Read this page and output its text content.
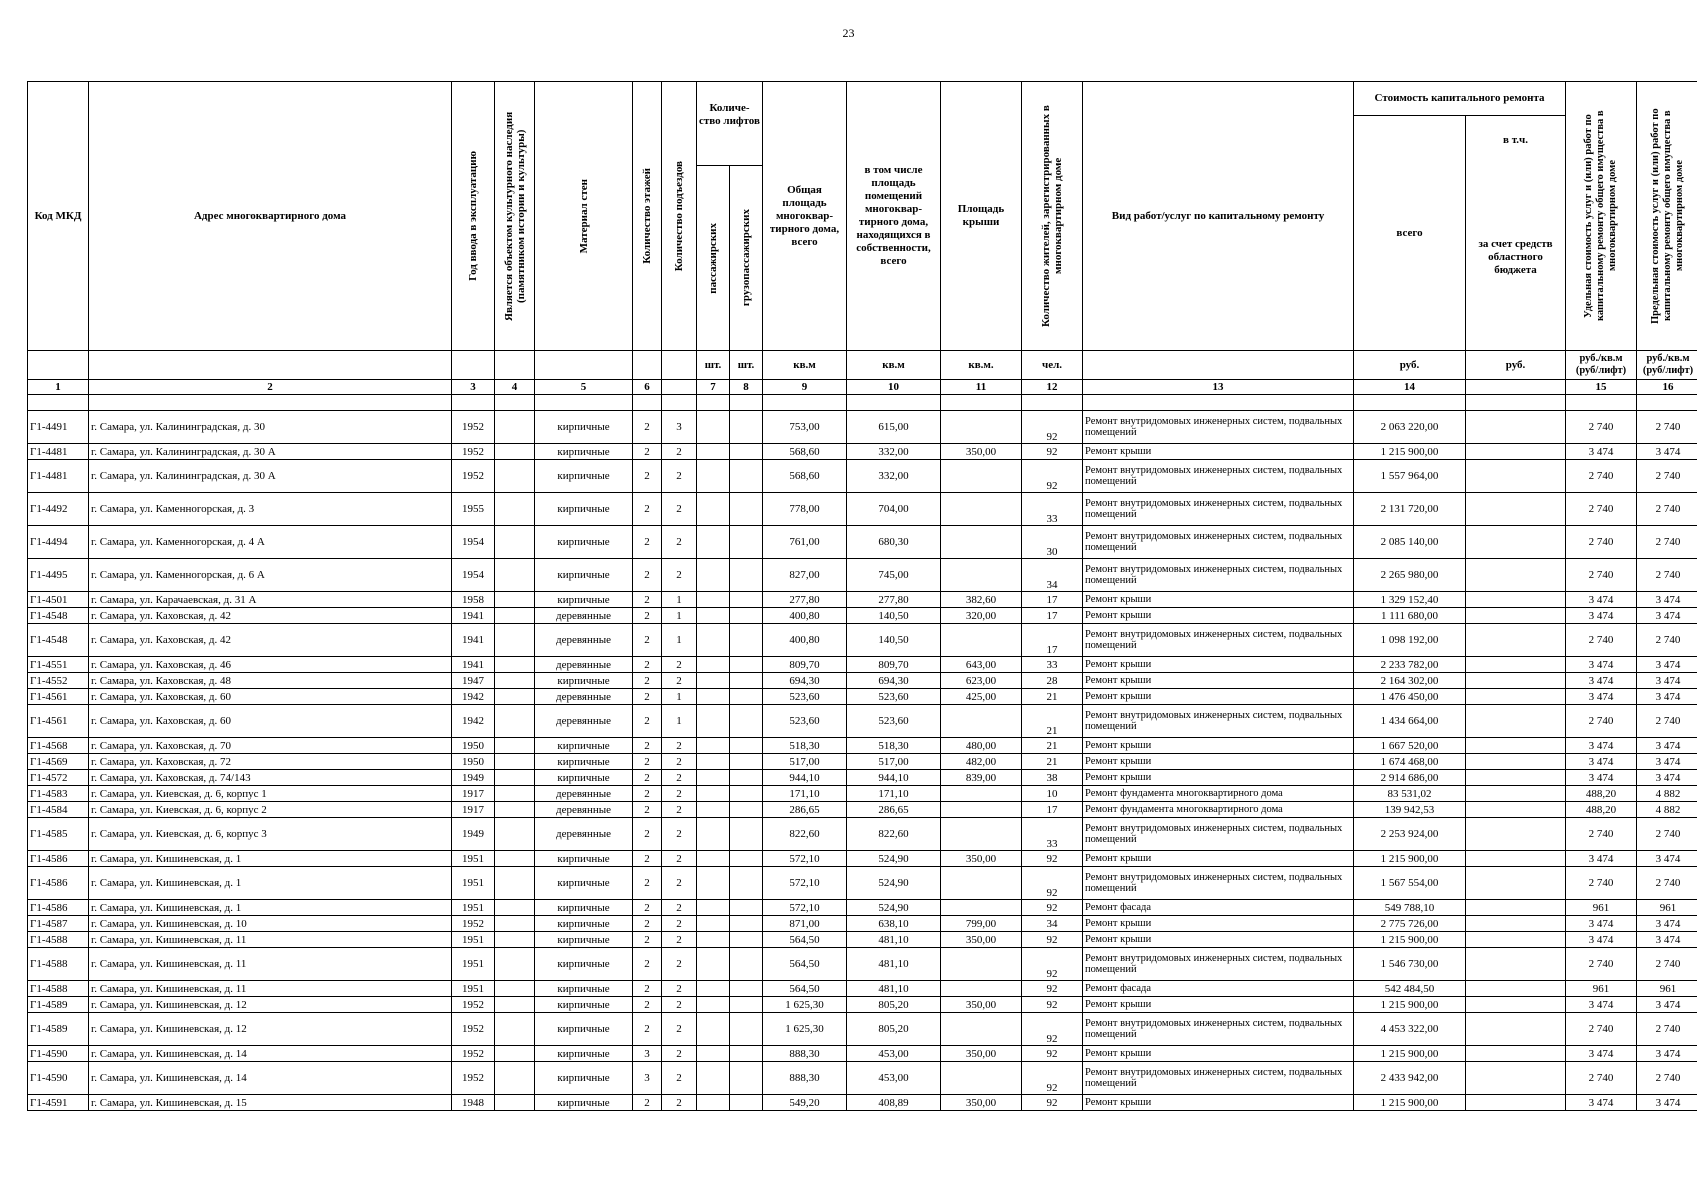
23
Код МКД	Адрес многоквартирного дома	Год ввода в эксплуатацию	Является объектом культурного наследия (памятником истории и культуры)	Материал стен	Количество этажей	Количество подъездов	Количе-ство лифтов		Общая площадь многоквар-тирного дома, всего	в том числе площадь помещений многоквар-тирного дома, находящихся в собственности, всего	Площадь крыши	Количество жителей, зарегистрированных в многоквартирном доме	Вид работ/услуг по капитальному ремонту	Стоимость капитального ремонта		Удельная стоимость услуг и (или) работ по капитальному ремонту общего имущества в многоквартирном доме	Предельная стоимость услуг и (или) работ по капитальному ремонту общего имущества в многоквартирном доме

														всего	в т.ч.		

							пассажирских	грузопассажирских							за счет средств областного бюджета		
							шт.	шт.	кв.м	кв.м	кв.м.	чел.		руб.	руб.	руб./кв.м (руб/лифт)	руб./кв.м (руб/лифт)
1	2	3	4	5	6		7	8	9	10	11	12	13	14		15	16

Г1-4491	г. Самара, ул. Калининградская, д. 30	1952		кирпичные	2	3			753,00	615,00		92	Ремонт внутридомовых инженерных систем, подвальных помещений	2 063 220,00		2 740	2 740
Г1-4481	г. Самара, ул. Калининградская, д. 30 А	1952		кирпичные	2	2			568,60	332,00	350,00	92	Ремонт крыши	1 215 900,00		3 474	3 474
Г1-4481	г. Самара, ул. Калининградская, д. 30 А	1952		кирпичные	2	2			568,60	332,00		92	Ремонт внутридомовых инженерных систем, подвальных помещений	1 557 964,00		2 740	2 740
Г1-4492	г. Самара, ул. Каменногорская, д. 3	1955		кирпичные	2	2			778,00	704,00		33	Ремонт внутридомовых инженерных систем, подвальных помещений	2 131 720,00		2 740	2 740
Г1-4494	г. Самара, ул. Каменногорская, д. 4 А	1954		кирпичные	2	2			761,00	680,30		30	Ремонт внутридомовых инженерных систем, подвальных помещений	2 085 140,00		2 740	2 740
Г1-4495	г. Самара, ул. Каменногорская, д. 6 А	1954		кирпичные	2	2			827,00	745,00		34	Ремонт внутридомовых инженерных систем, подвальных помещений	2 265 980,00		2 740	2 740
Г1-4501	г. Самара, ул. Карачаевская, д. 31 А	1958		кирпичные	2	1			277,80	277,80	382,60	17	Ремонт крыши	1 329 152,40		3 474	3 474
Г1-4548	г. Самара, ул. Каховская, д. 42	1941		деревянные	2	1			400,80	140,50	320,00	17	Ремонт крыши	1 111 680,00		3 474	3 474
Г1-4548	г. Самара, ул. Каховская, д. 42	1941		деревянные	2	1			400,80	140,50		17	Ремонт внутридомовых инженерных систем, подвальных помещений	1 098 192,00		2 740	2 740
Г1-4551	г. Самара, ул. Каховская, д. 46	1941		деревянные	2	2			809,70	809,70	643,00	33	Ремонт крыши	2 233 782,00		3 474	3 474
Г1-4552	г. Самара, ул. Каховская, д. 48	1947		кирпичные	2	2			694,30	694,30	623,00	28	Ремонт крыши	2 164 302,00		3 474	3 474
Г1-4561	г. Самара, ул. Каховская, д. 60	1942		деревянные	2	1			523,60	523,60	425,00	21	Ремонт крыши	1 476 450,00		3 474	3 474
Г1-4561	г. Самара, ул. Каховская, д. 60	1942		деревянные	2	1			523,60	523,60		21	Ремонт внутридомовых инженерных систем, подвальных помещений	1 434 664,00		2 740	2 740
Г1-4568	г. Самара, ул. Каховская, д. 70	1950		кирпичные	2	2			518,30	518,30	480,00	21	Ремонт крыши	1 667 520,00		3 474	3 474
Г1-4569	г. Самара, ул. Каховская, д. 72	1950		кирпичные	2	2			517,00	517,00	482,00	21	Ремонт крыши	1 674 468,00		3 474	3 474
Г1-4572	г. Самара, ул. Каховская, д. 74/143	1949		кирпичные	2	2			944,10	944,10	839,00	38	Ремонт крыши	2 914 686,00		3 474	3 474
Г1-4583	г. Самара, ул. Киевская, д. 6, корпус 1	1917		деревянные	2	2			171,10	171,10		10	Ремонт фундамента многоквартирного дома	83 531,02		488,20	4 882
Г1-4584	г. Самара, ул. Киевская, д. 6, корпус 2	1917		деревянные	2	2			286,65	286,65		17	Ремонт фундамента многоквартирного дома	139 942,53		488,20	4 882
Г1-4585	г. Самара, ул. Киевская, д. 6, корпус 3	1949		деревянные	2	2			822,60	822,60		33	Ремонт внутридомовых инженерных систем, подвальных помещений	2 253 924,00		2 740	2 740
Г1-4586	г. Самара, ул. Кишиневская, д. 1	1951		кирпичные	2	2			572,10	524,90	350,00	92	Ремонт крыши	1 215 900,00		3 474	3 474
Г1-4586	г. Самара, ул. Кишиневская, д. 1	1951		кирпичные	2	2			572,10	524,90		92	Ремонт внутридомовых инженерных систем, подвальных помещений	1 567 554,00		2 740	2 740
Г1-4586	г. Самара, ул. Кишиневская, д. 1	1951		кирпичные	2	2			572,10	524,90		92	Ремонт фасада	549 788,10		961	961
Г1-4587	г. Самара, ул. Кишиневская, д. 10	1952		кирпичные	2	2			871,00	638,10	799,00	34	Ремонт крыши	2 775 726,00		3 474	3 474
Г1-4588	г. Самара, ул. Кишиневская, д. 11	1951		кирпичные	2	2			564,50	481,10	350,00	92	Ремонт крыши	1 215 900,00		3 474	3 474
Г1-4588	г. Самара, ул. Кишиневская, д. 11	1951		кирпичные	2	2			564,50	481,10		92	Ремонт внутридомовых инженерных систем, подвальных помещений	1 546 730,00		2 740	2 740
Г1-4588	г. Самара, ул. Кишиневская, д. 11	1951		кирпичные	2	2			564,50	481,10		92	Ремонт фасада	542 484,50		961	961
Г1-4589	г. Самара, ул. Кишиневская, д. 12	1952		кирпичные	2	2			1 625,30	805,20	350,00	92	Ремонт крыши	1 215 900,00		3 474	3 474
Г1-4589	г. Самара, ул. Кишиневская, д. 12	1952		кирпичные	2	2			1 625,30	805,20		92	Ремонт внутридомовых инженерных систем, подвальных помещений	4 453 322,00		2 740	2 740
Г1-4590	г. Самара, ул. Кишиневская, д. 14	1952		кирпичные	3	2			888,30	453,00	350,00	92	Ремонт крыши	1 215 900,00		3 474	3 474
Г1-4590	г. Самара, ул. Кишиневская, д. 14	1952		кирпичные	3	2			888,30	453,00		92	Ремонт внутридомовых инженерных систем, подвальных помещений	2 433 942,00		2 740	2 740
Г1-4591	г. Самара, ул. Кишиневская, д. 15	1948		кирпичные	2	2			549,20	408,89	350,00	92	Ремонт крыши	1 215 900,00		3 474	3 474
